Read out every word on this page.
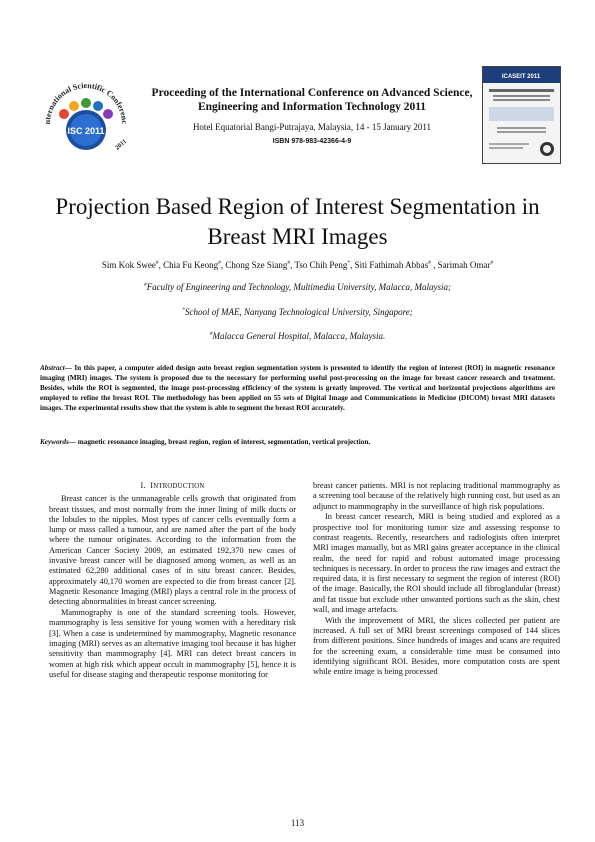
nternational Scientific Conferenc
ISC 2011
2011
Proceeding of the International Conference on Advanced Science,
Engineering and Information Technology 2011
Hotel Equatorial Bangi-Putrajaya, Malaysia, 14 - 15 January 2011
ISBN 978-983-42366-4-9
ICASEIT 2011
Projection Based Region of Interest Segmentation in
Breast MRI Images
Sim Kok Swee#, Chia Fu Keong#, Chong Sze Siang#, Tso Chih Peng*, Siti Fathimah Abbas# , Sarimah Omar#
#Faculty of Engineering and Technology, Multimedia University, Malacca, Malaysia;
*School of MAE, Nanyang Technological University, Singapore;
#Malacca General Hospital, Malacca, Malaysia.
Abstract— In this paper, a computer aided design auto breast region segmentation system is presented to identify the region of interest (ROI) in magnetic resonance imaging (MRI) images. The system is proposed due to the necessary for performing useful post-processing on the image for breast cancer research and treatment. Besides, while the ROI is segmented, the image post-processing efficiency of the system is greatly improved. The vertical and horizontal projections algorithms are employed to refine the breast ROI. The methodology has been applied on 55 sets of Digital Image and Communications in Medicine (DICOM) breast MRI datasets images. The experimental results show that the system is able to segment the breast ROI accurately.
Keywords— magnetic resonance imaging, breast region, region of interest, segmentation, vertical projection.
I. INTRODUCTION

Breast cancer is the unmanageable cells growth that originated from breast tissues, and most normally from the inner lining of milk ducts or the lobules to the nipples. Most types of cancer cells eventually form a lump or mass called a tumour, and are named after the part of the body where the tumour originates. According to the information from the American Cancer Society 2009, an estimated 192,370 new cases of invasive breast cancer will be diagnosed among women, as well as an estimated 62,280 additional cases of in situ breast cancer. Besides, approximately 40,170 women are expected to die from breast cancer [2]. Magnetic Resonance Imaging (MRI) plays a central role in the process of detecting abnormalities in breast cancer screening.

Mammography is one of the standard screening tools. However, mammography is less sensitive for young women with a hereditary risk [3]. When a case is undetermined by mammography, Magnetic resonance imaging (MRI) serves as an alternative imaging tool because it has higher sensitivity than mammography [4]. MRI can detect breast cancers in women at high risk which appear occult in mammography [5], hence it is useful for disease staging and therapeutic response monitoring for

breast cancer patients. MRI is not replacing traditional mammography as a screening tool because of the relatively high running cost, but used as an adjunct to mammography in the surveillance of high risk populations.

In breast cancer research, MRI is being studied and explored as a prospective tool for monitoring tumor size and assessing response to contrast reagents. Recently, researchers and radiologists often interpret MRI images manually, but as MRI gains greater acceptance in the clinical realm, the need for rapid and robust automated image processing techniques is necessary. In order to process the raw images and extract the required data, it is first necessary to segment the region of interest (ROI) of the image. Basically, the ROI should include all fibroglandular (breast) and fat tissue but exclude other unwanted portions such as the skin, chest wall, and image artefacts.

With the improvement of MRI, the slices collected per patient are increased. A full set of MRI breast screenings composed of 144 slices from different positions. Since hundreds of images and scans are required for the screening exam, a considerable time must be consumed into identifying significant ROI. Besides, more computation costs are spent while entire image is being processed

113
